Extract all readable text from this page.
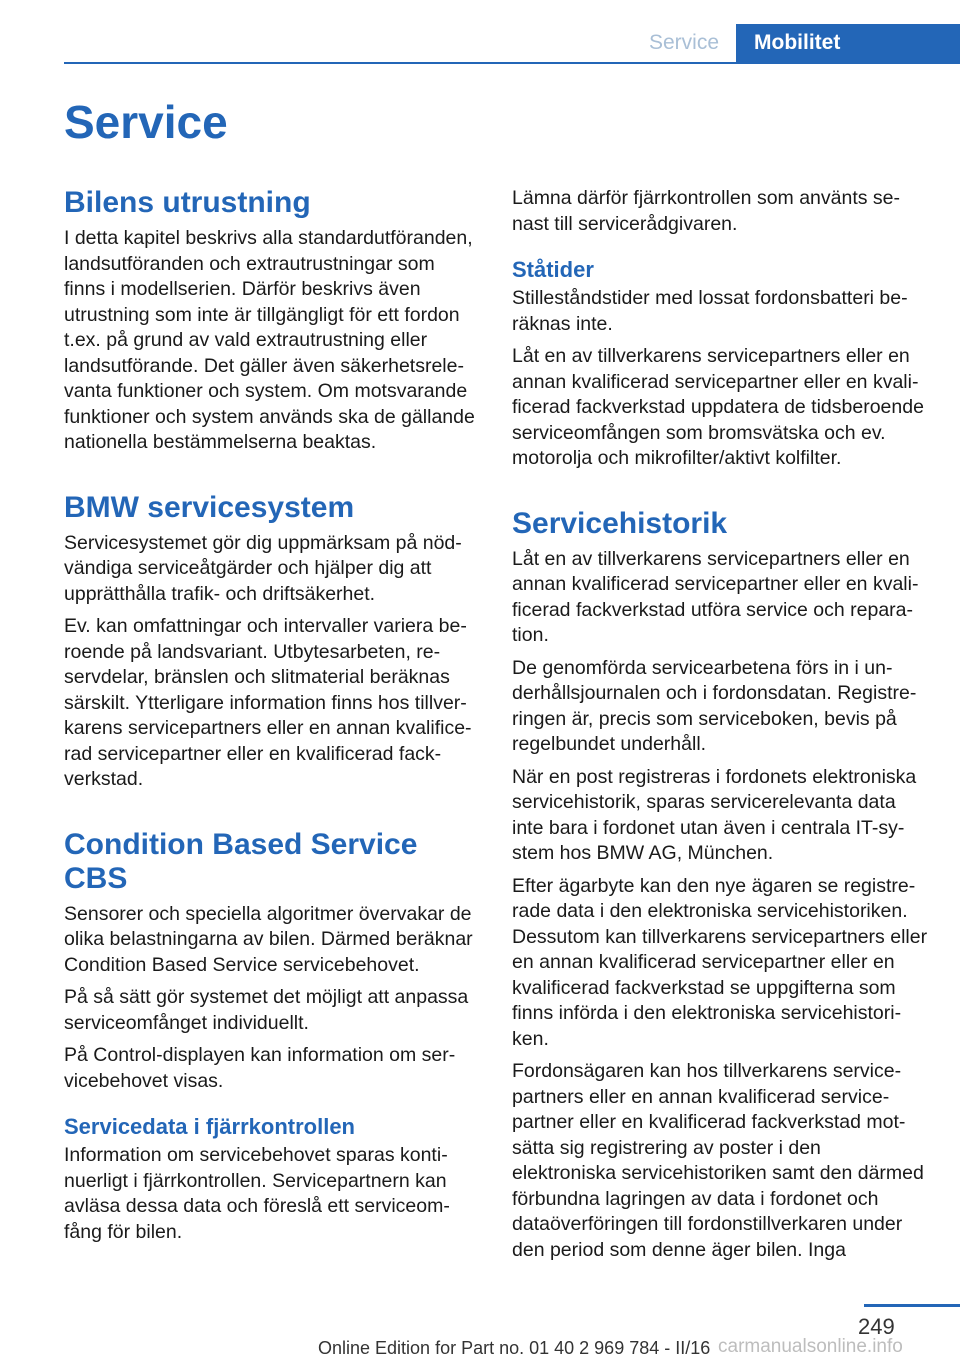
Service	Mobilitet
Service
Bilens utrustning

I detta kapitel beskrivs alla standardutföranden, landsutföranden och extrautrustningar som finns i modellserien. Därför beskrivs även utrustning som inte är tillgängligt för ett fordon t.ex. på grund av vald extrautrustning eller landsutförande. Det gäller även säkerhetsrelevanta funktioner och system. Om motsvarande funktioner och system används ska de gällande nationella bestämmelserna beaktas.

BMW servicesystem

Servicesystemet gör dig uppmärksam på nödvändiga serviceåtgärder och hjälper dig att upprätthålla trafik- och driftsäkerhet.

Ev. kan omfattningar och intervaller variera beroende på landsvariant. Utbytesarbeten, reservdelar, bränslen och slitmaterial beräknas särskilt. Ytterligare information finns hos tillverkarens servicepartners eller en annan kvalificerad servicepartner eller en kvalificerad fackverkstad.

Condition Based Service CBS

Sensorer och speciella algoritmer övervakar de olika belastningarna av bilen. Därmed beräknar Condition Based Service servicebehovet.

På så sätt gör systemet det möjligt att anpassa serviceomfånget individuellt.

På Control-displayen kan information om servicebehovet visas.

Servicedata i fjärrkontrollen

Information om servicebehovet sparas kontinuerligt i fjärrkontrollen. Servicepartnern kan avläsa dessa data och föreslå ett serviceomfång för bilen.

Lämna därför fjärrkontrollen som använts senast till servicerådgivaren.

Ståtider

Stilleståndstider med lossat fordonsbatteri beräknas inte.

Låt en av tillverkarens servicepartners eller en annan kvalificerad servicepartner eller en kvalificerad fackverkstad uppdatera de tidsberoende serviceomfången som bromsvätska och ev. motorolja och mikrofilter/aktivt kolfilter.

Servicehistorik

Låt en av tillverkarens servicepartners eller en annan kvalificerad servicepartner eller en kvalificerad fackverkstad utföra service och reparation.

De genomförda servicearbetena förs in i underhållsjournalen och i fordonsdatan. Registreringen är, precis som serviceboken, bevis på regelbundet underhåll.

När en post registreras i fordonets elektroniska servicehistorik, sparas servicerelevanta data inte bara i fordonet utan även i centrala IT-system hos BMW AG, München.

Efter ägarbyte kan den nye ägaren se registrerade data i den elektroniska servicehistoriken. Dessutom kan tillverkarens servicepartners eller en annan kvalificerad servicepartner eller en kvalificerad fackverkstad se uppgifterna som finns införda i den elektroniska servicehistoriken.

Fordonsägaren kan hos tillverkarens servicepartners eller en annan kvalificerad servicepartner eller en kvalificerad fackverkstad motsätta sig registrering av poster i den elektroniska servicehistoriken samt den därmed förbundna lagringen av data i fordonet och dataöverföringen till fordonstillverkaren under den period som denne äger bilen. Inga

249
Online Edition for Part no. 01 40 2 969 784 - II/16 carmanualsonline.info
